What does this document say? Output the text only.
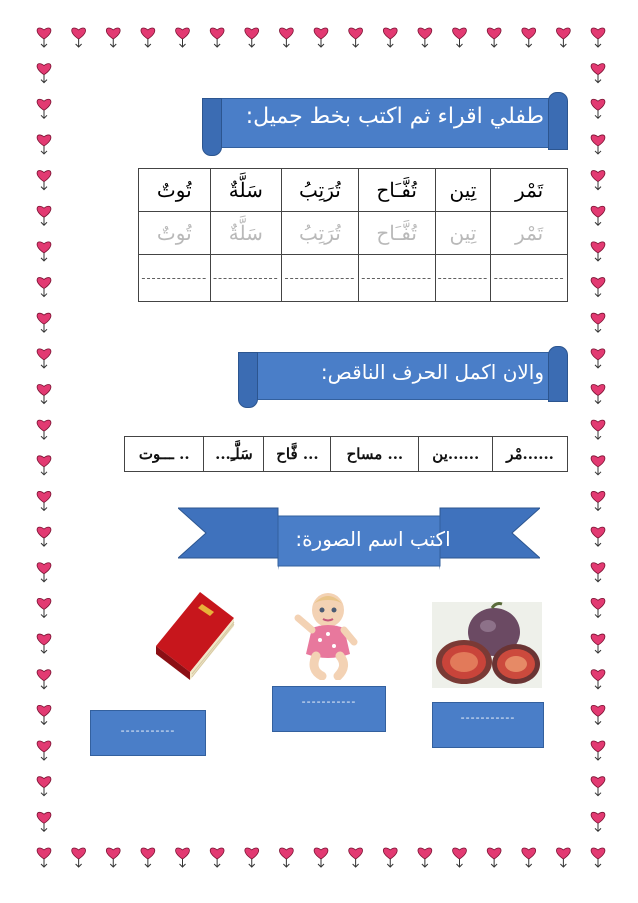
طفلي اقراء ثم اكتب بخط جميل:
تَمْر	تِين	تُفَّـَاح	تُرَتِبُ	سَلَّةٌ	تُوتٌ
تَمْر	تِين	تُفَّـَاح	تُرَتِبُ	سَلَّةٌ	تُوتٌ
--------------	----------	--------------	--------------	-------------	-------------
والان اكمل الحرف الناقص:
......مْر	......ين	... مساح	... فَّاح	سَلَّـِ...	.. ـــوت
اكتب اسم الصورة:
-----------
-----------
-----------
